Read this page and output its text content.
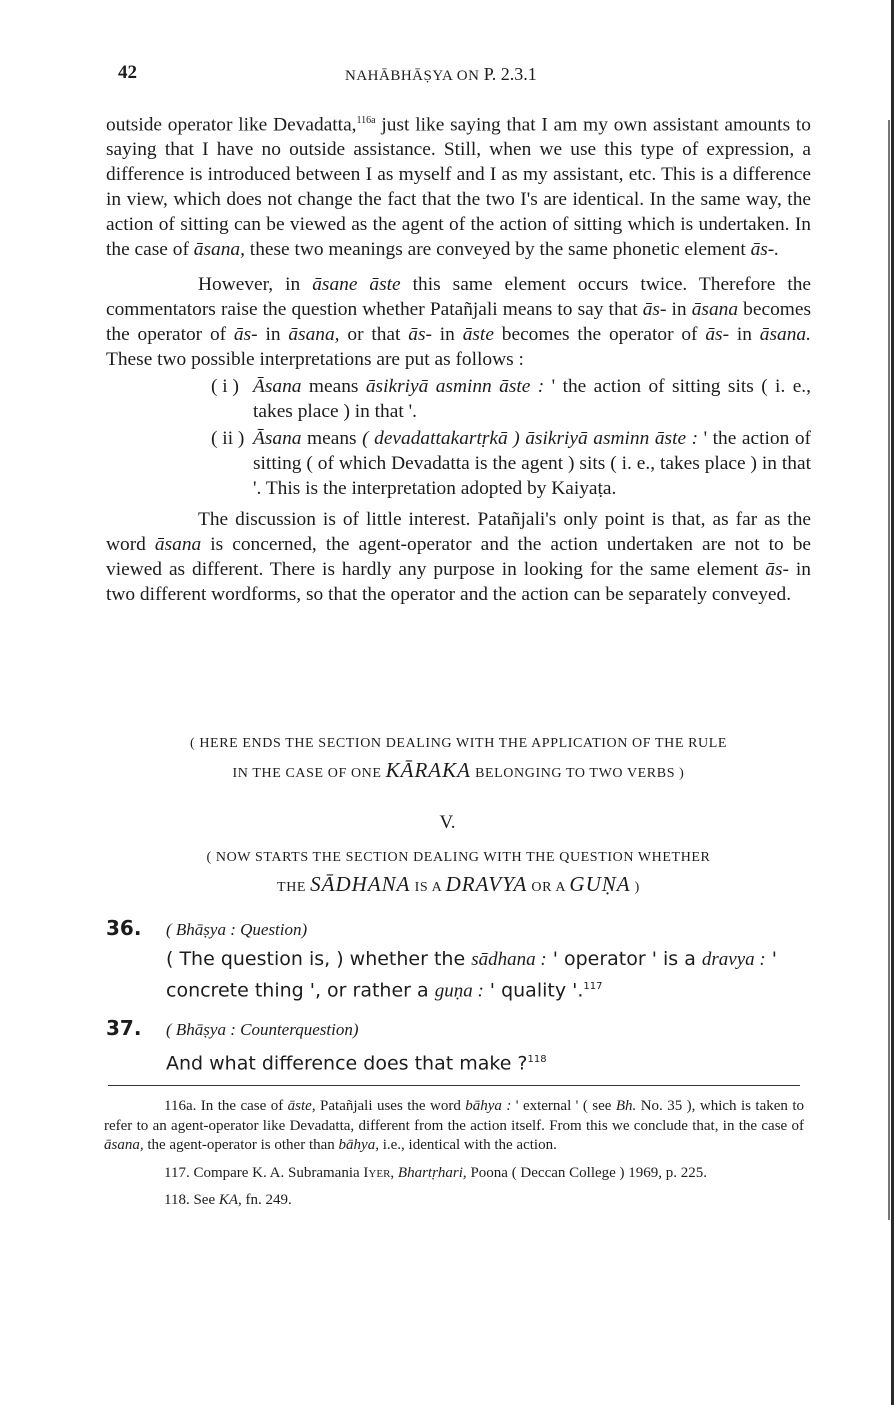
42	NAHĀBHĀṢYA ON P. 2.3.1

outside operator like Devadatta,$^{116a}$ just like saying that I am my own assistant amounts to saying that I have no outside assistance. Still, when we use this type of expression, a difference is introduced between I as myself and I as my assistant, etc. This is a difference in view, which does not change the fact that the two I's are identical. In the same way, the action of sitting can be viewed as the agent of the action of sitting which is undertaken. In the case of āsana, these two meanings are conveyed by the same phonetic element ās-.

However, in āsane āste this same element occurs twice. Therefore the commentators raise the question whether Patañjali means to say that ās- in āsana becomes the operator of ās- in āsana, or that ās- in āste becomes the operator of ās- in āsana. These two possible interpretations are put as follows :

( i ) Āsana means āsikriyā asminn āste : ' the action of sitting sits ( i. e., takes place ) in that '.
( ii ) Āsana means ( devadattakartṛkā ) āsikriyā asminn āste : ' the action of sitting ( of which Devadatta is the agent ) sits ( i. e., takes place ) in that '. This is the interpretation adopted by Kaiyaṭa.

The discussion is of little interest. Patañjali's only point is that, as far as the word āsana is concerned, the agent-operator and the action undertaken are not to be viewed as different. There is hardly any purpose in looking for the same element ās- in two different wordforms, so that the operator and the action can be separately conveyed.

( HERE ENDS THE SECTION DEALING WITH THE APPLICATION OF THE RULE
IN THE CASE OF ONE KĀRAKA BELONGING TO TWO VERBS )
V.
( NOW STARTS THE SECTION DEALING WITH THE QUESTION WHETHER
THE SĀDHANA IS A DRAVYA OR A GUṆA )
36.	( Bhāṣya : Question)
( The question is, ) whether the sādhana : ' operator ' is a dravya : ' concrete thing ', or rather a guṇa : ' quality '.$^{117}$
37.	( Bhāṣya : Counterquestion)
And what difference does that make ?$^{118}$

116a. In the case of āste, Patañjali uses the word bāhya : ' external ' ( see Bh. No. 35 ), which is taken to refer to an agent-operator like Devadatta, different from the action itself. From this we conclude that, in the case of āsana, the agent-operator is other than bāhya, i.e., identical with the action.

117. Compare K. A. Subramania Iyer, Bhartṛhari, Poona ( Deccan College ) 1969, p. 225.

118. See KA, fn. 249.
